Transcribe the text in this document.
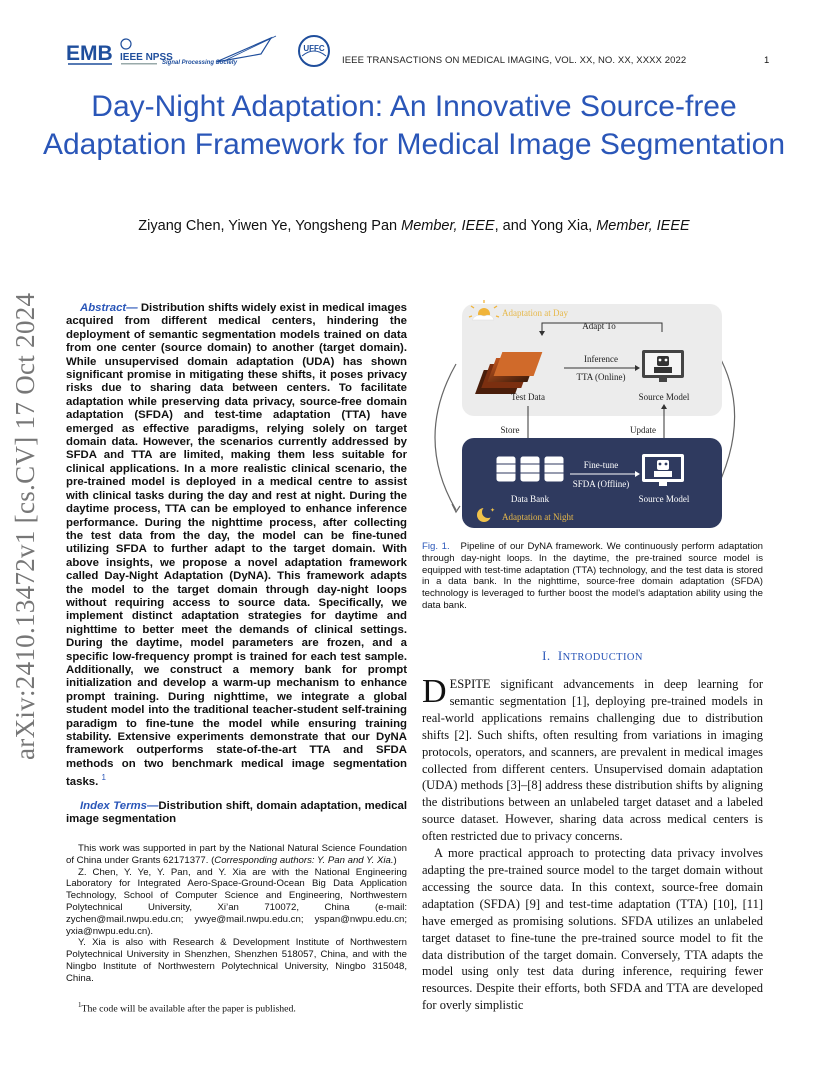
EMB IEEE NPSS
Signal Processing Society
UFFC
IEEE TRANSACTIONS ON MEDICAL IMAGING, VOL. XX, NO. XX, XXXX 2022	1
Day-Night Adaptation: An Innovative Source-free Adaptation Framework for Medical Image Segmentation
Ziyang Chen, Yiwen Ye, Yongsheng Pan Member, IEEE, and Yong Xia, Member, IEEE
arXiv:2410.13472v1 [cs.CV] 17 Oct 2024	Abstract— Distribution shifts widely exist in medical images acquired from different medical centers, hindering the deployment of semantic segmentation models trained on data from one center (source domain) to another (target domain). While unsupervised domain adaptation (UDA) has shown significant promise in mitigating these shifts, it poses privacy risks due to sharing data between centers. To facilitate adaptation while preserving data privacy, source-free domain adaptation (SFDA) and test-time adaptation (TTA) have emerged as effective paradigms, relying solely on target domain data. However, the scenarios currently addressed by SFDA and TTA are limited, making them less suitable for clinical applications. In a more realistic clinical scenario, the pre-trained model is deployed in a medical centre to assist with clinical tasks during the day and rest at night. During the daytime process, TTA can be employed to enhance inference performance. During the nighttime process, after collecting the test data from the day, the model can be fine-tuned utilizing SFDA to further adapt to the target domain. With above insights, we propose a novel adaptation framework called Day-Night Adaptation (DyNA). This framework adapts the model to the target domain through day-night loops without requiring access to source data. Specifically, we implement distinct adaptation strategies for daytime and nighttime to better meet the demands of clinical settings. During the daytime, model parameters are frozen, and a specific low-frequency prompt is trained for each test sample. Additionally, we construct a memory bank for prompt initialization and develop a warm-up mechanism to enhance prompt training. During nighttime, we integrate a global student model into the traditional teacher-student self-training paradigm to fine-tune the model while ensuring training stability. Extensive experiments demonstrate that our DyNA framework outperforms state-of-the-art TTA and SFDA methods on two benchmark medical image segmentation tasks. $^1$
Index Terms—Distribution shift, domain adaptation, medical image segmentation

This work was supported in part by the National Natural Science Foundation of China under Grants 62171377. (Corresponding authors: Y. Pan and Y. Xia.)

Z. Chen, Y. Ye, Y. Pan, and Y. Xia are with the National Engineering Laboratory for Integrated Aero-Space-Ground-Ocean Big Data Application Technology, School of Computer Science and Engineering, Northwestern Polytechnical University, Xi’an 710072, China (e-mail: zychen@mail.nwpu.edu.cn; ywye@mail.nwpu.edu.cn; yspan@nwpu.edu.cn; yxia@nwpu.edu.cn).

Y. Xia is also with Research & Development Institute of Northwestern Polytechnical University in Shenzhen, Shenzhen 518057, China, and with the Ningbo Institute of Northwestern Polytechnical University, Ningbo 315048, China.

$^1$The code will be available after the paper is published.
Adaptation at Day
Adapt To
Test Data
Inference
TTA (Online)
Source Model
Store	Update
Data Bank
Fine-tune
SFDA (Offline)
Source Model
✦
Adaptation at Night
Fig. 1. Pipeline of our DyNA framework. We continuously perform adaptation through day-night loops. In the daytime, the pre-trained source model is equipped with test-time adaptation (TTA) technology, and the test data is stored in a data bank. In the nighttime, source-free domain adaptation (SFDA) technology is leveraged to further boost the model’s adaptation ability using the data bank.
I. INTRODUCTION

DESPITE significant advancements in deep learning for semantic segmentation [1], deploying pre-trained models in real-world applications remains challenging due to distribution shifts [2]. Such shifts, often resulting from variations in imaging protocols, operators, and scanners, are prevalent in medical images collected from different centers. Unsupervised domain adaptation (UDA) methods [3]–[8] address these distribution shifts by aligning the distributions between an unlabeled target dataset and a labeled source dataset. However, sharing data across medical centers is often restricted due to privacy concerns.

A more practical approach to protecting data privacy involves adapting the pre-trained source model to the target domain without accessing the source data. In this context, source-free domain adaptation (SFDA) [9] and test-time adaptation (TTA) [10], [11] have emerged as promising solutions. SFDA utilizes an unlabeled target dataset to fine-tune the pre-trained source model to fit the data distribution of the target domain. Conversely, TTA adapts the model using only test data during inference, requiring fewer resources. Despite their efforts, both SFDA and TTA are developed for overly simplistic
